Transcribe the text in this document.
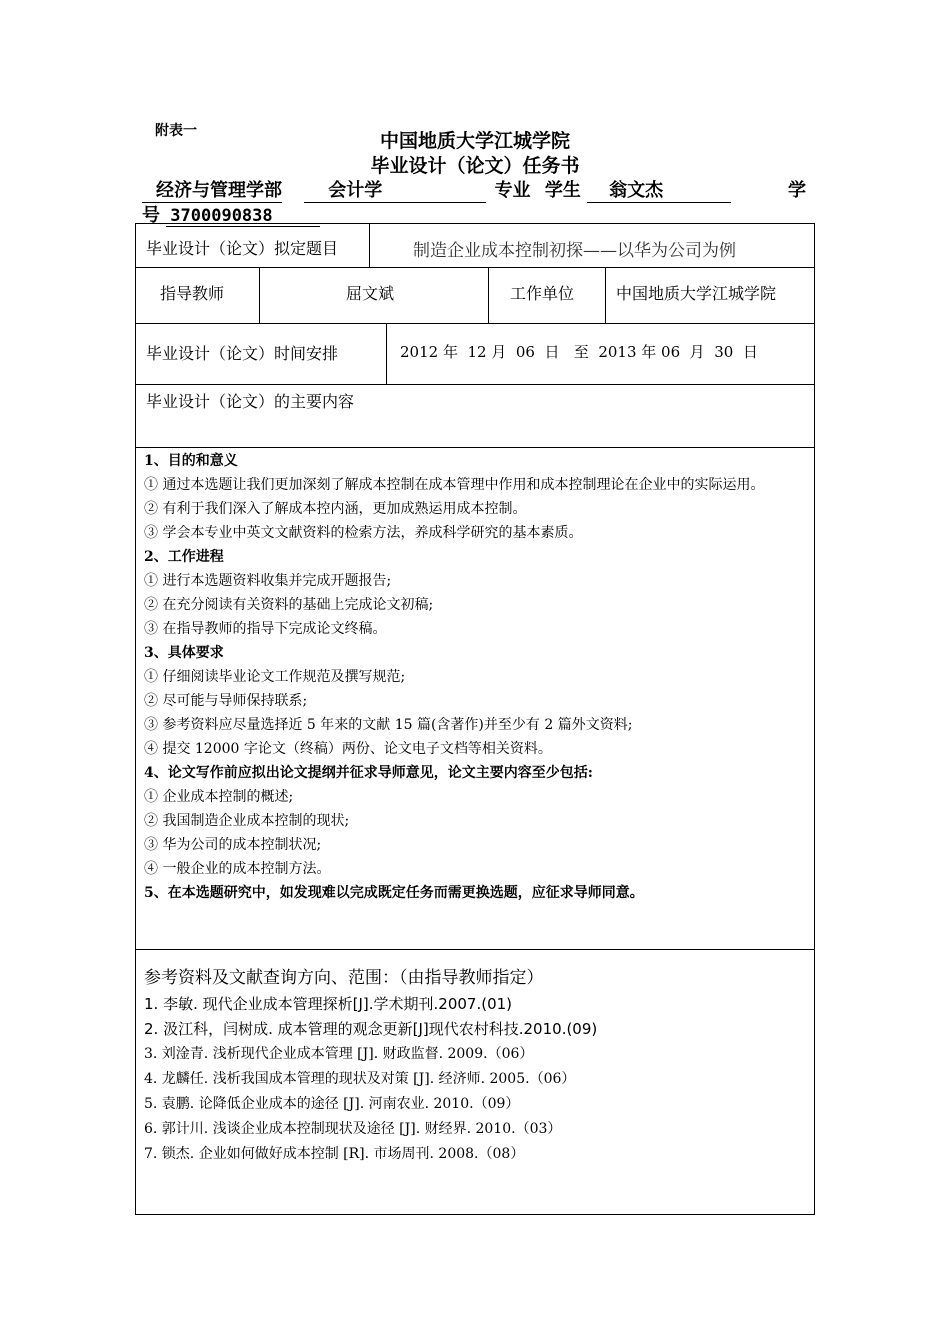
附表一	中国地质大学江城学院
毕业设计（论文）任务书
经济与管理学部	会计学	专业 学生 翁文杰	学
号 3700090838
毕业设计（论文）拟定题目	制造企业成本控制初探——以华为公司为例
指导教师	屈文斌	工作单位	中国地质大学江城学院
毕业设计（论文）时间安排	2012 年  12 月  06  日   至  2013 年 06  月  30  日
毕业设计（论文）的主要内容
1、目的和意义
① 通过本选题让我们更加深刻了解成本控制在成本管理中作用和成本控制理论在企业中的实际运用。
② 有利于我们深入了解成本控内涵，更加成熟运用成本控制。
③ 学会本专业中英文文献资料的检索方法，养成科学研究的基本素质。
2、工作进程
① 进行本选题资料收集并完成开题报告;
② 在充分阅读有关资料的基础上完成论文初稿;
③ 在指导教师的指导下完成论文终稿。
3、具体要求
① 仔细阅读毕业论文工作规范及撰写规范;
② 尽可能与导师保持联系;
③ 参考资料应尽量选择近 5 年来的文献 15 篇(含著作)并至少有 2 篇外文资料;
④ 提交 12000 字论文（终稿）两份、论文电子文档等相关资料。
4、论文写作前应拟出论文提纲并征求导师意见，论文主要内容至少包括:
① 企业成本控制的概述;
② 我国制造企业成本控制的现状;
③ 华为公司的成本控制状况;
④ 一般企业的成本控制方法。
5、在本选题研究中，如发现难以完成既定任务而需更换选题，应征求导师同意。
参考资料及文献查询方向、范围：（由指导教师指定）
1. 李敏. 现代企业成本管理探析[J].学术期刊.2007.(01)
2. 汲江科，闫树成. 成本管理的观念更新[J]现代农村科技.2010.(09)
3. 刘淦青. 浅析现代企业成本管理 [J]. 财政监督. 2009.（06）
4. 龙麟任. 浅析我国成本管理的现状及对策 [J]. 经济师. 2005.（06）
5. 袁鹏. 论降低企业成本的途径 [J]. 河南农业. 2010.（09）
6. 郭计川. 浅谈企业成本控制现状及途径 [J]. 财经界. 2010.（03）
7. 锁杰. 企业如何做好成本控制 [R]. 市场周刊. 2008.（08）
